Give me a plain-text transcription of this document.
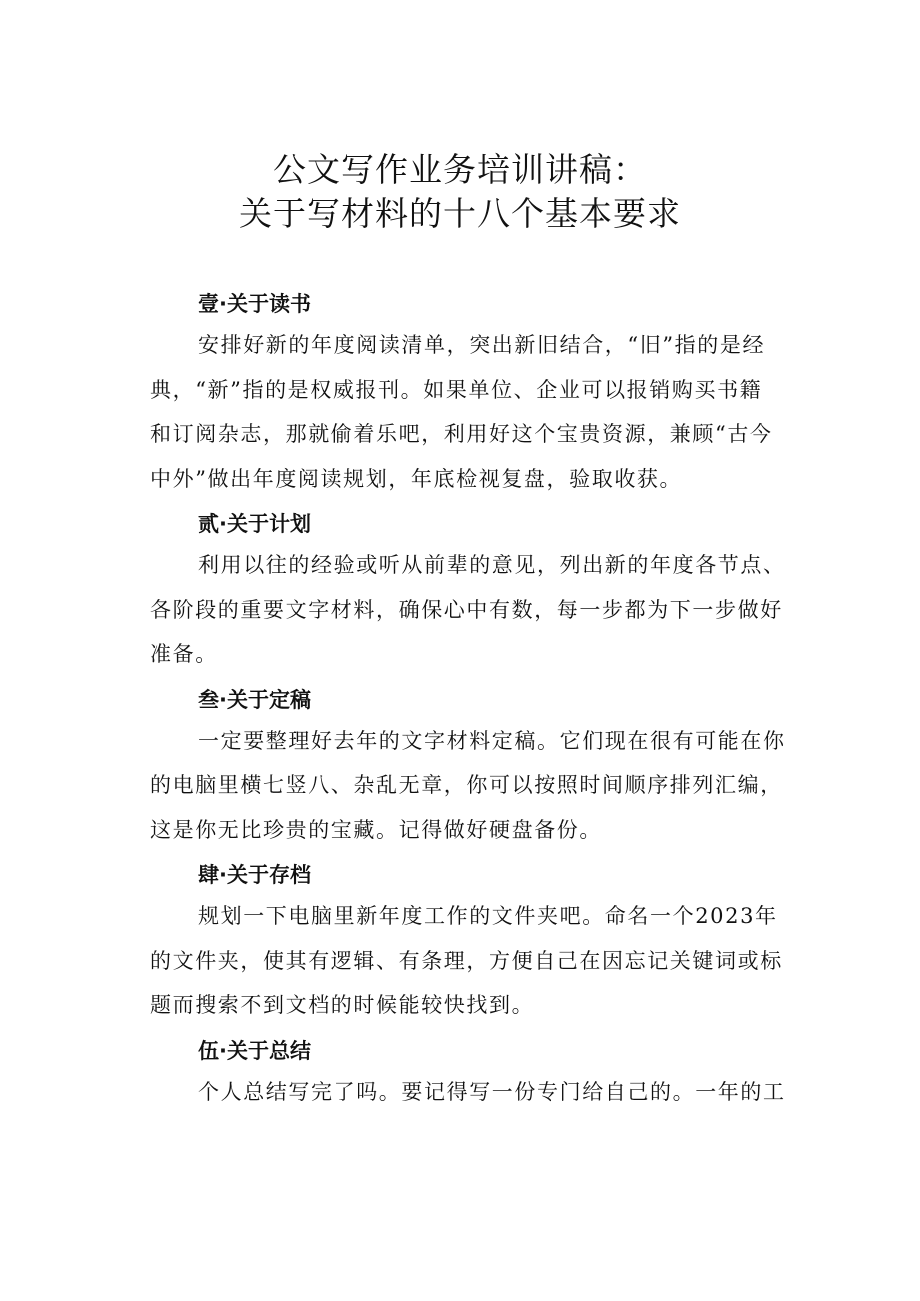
公文写作业务培训讲稿：
关于写材料的十八个基本要求
壹·关于读书
安排好新的年度阅读清单，突出新旧结合，“旧”指的是经
典，“新”指的是权威报刊。如果单位、企业可以报销购买书籍
和订阅杂志，那就偷着乐吧，利用好这个宝贵资源，兼顾“古今
中外”做出年度阅读规划，年底检视复盘，验取收获。
贰·关于计划
利用以往的经验或听从前辈的意见，列出新的年度各节点、
各阶段的重要文字材料，确保心中有数，每一步都为下一步做好
准备。
叁·关于定稿
一定要整理好去年的文字材料定稿。它们现在很有可能在你
的电脑里横七竖八、杂乱无章，你可以按照时间顺序排列汇编，
这是你无比珍贵的宝藏。记得做好硬盘备份。
肆·关于存档
规划一下电脑里新年度工作的文件夹吧。命名一个2023年
的文件夹，使其有逻辑、有条理，方便自己在因忘记关键词或标
题而搜索不到文档的时候能较快找到。
伍·关于总结
个人总结写完了吗。要记得写一份专门给自己的。一年的工
